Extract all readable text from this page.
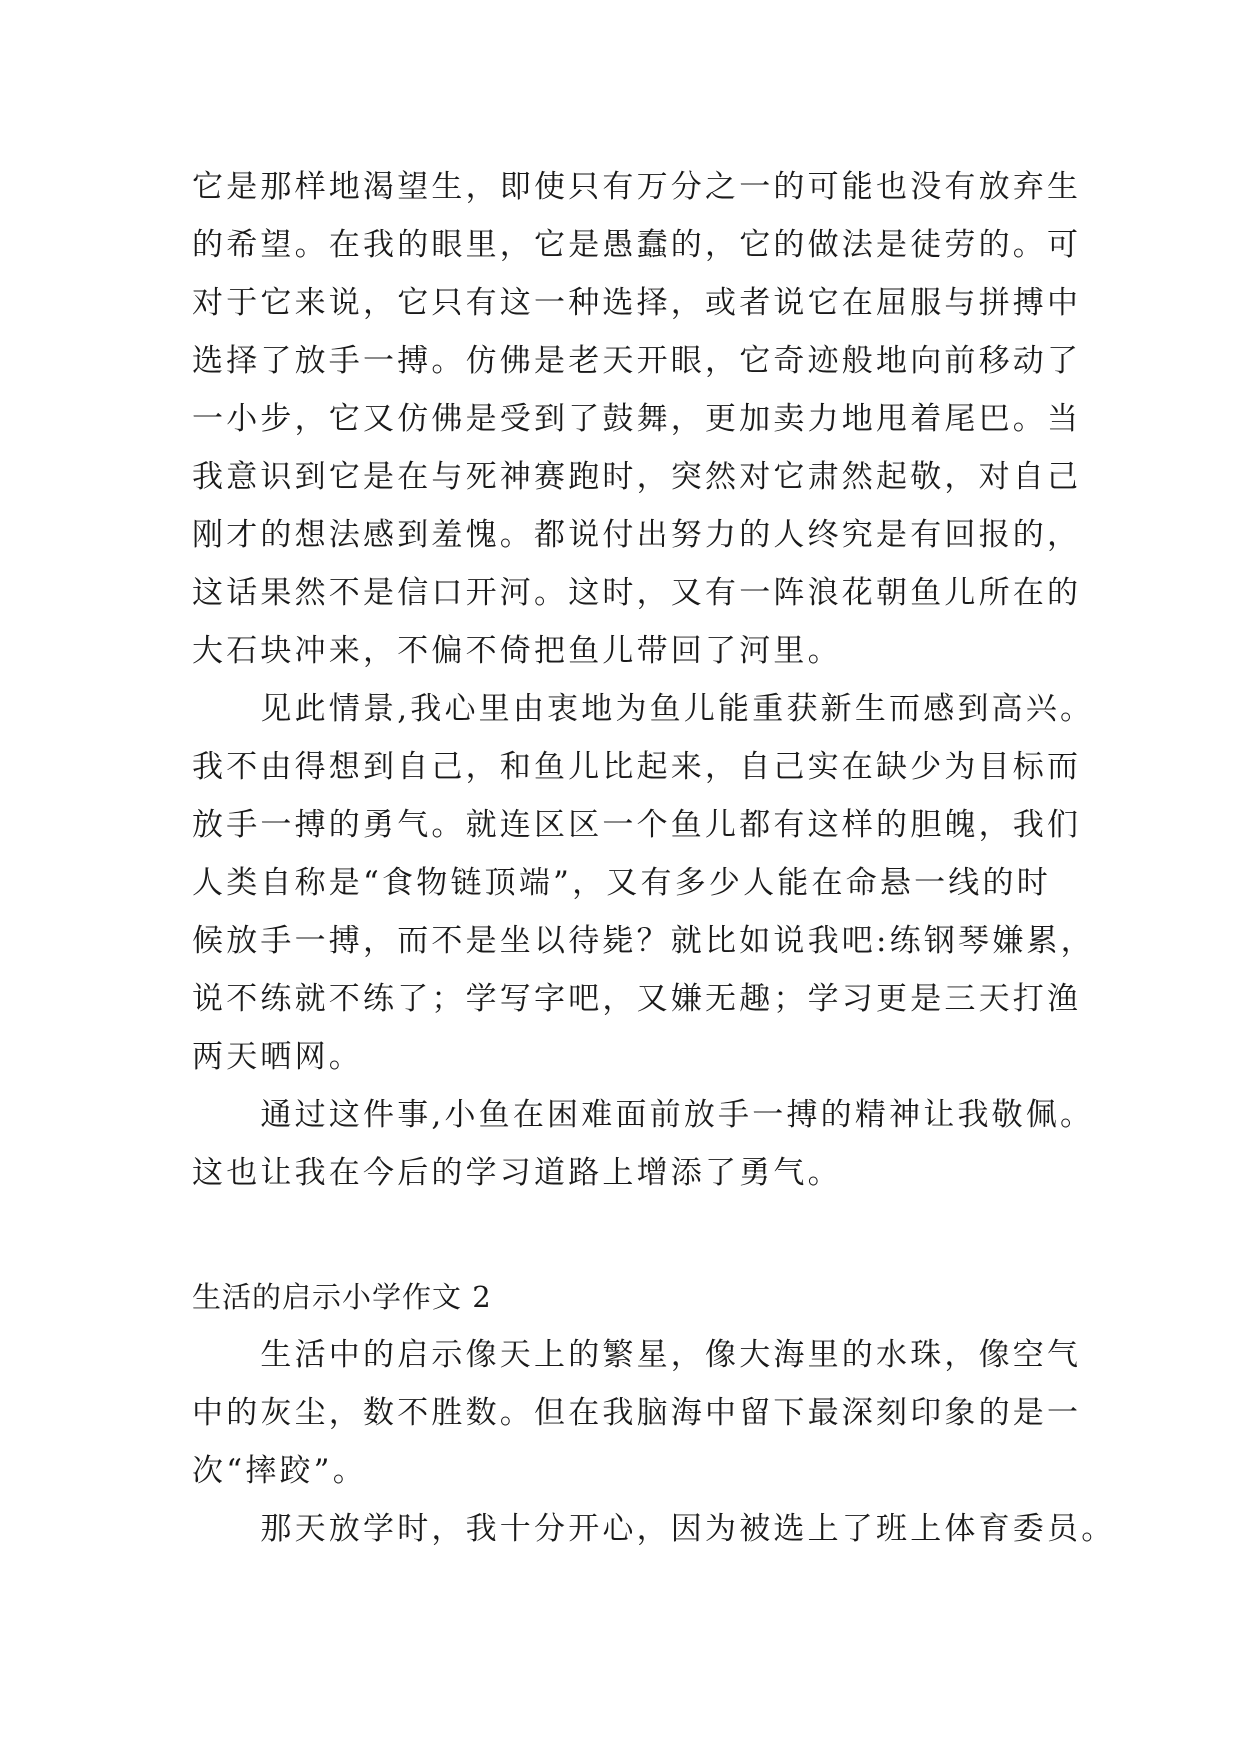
它是那样地渴望生，即使只有万分之一的可能也没有放弃生
的希望。在我的眼里，它是愚蠢的，它的做法是徒劳的。可
对于它来说，它只有这一种选择，或者说它在屈服与拼搏中
选择了放手一搏。仿佛是老天开眼，它奇迹般地向前移动了
一小步，它又仿佛是受到了鼓舞，更加卖力地甩着尾巴。当
我意识到它是在与死神赛跑时，突然对它肃然起敬，对自己
刚才的想法感到羞愧。都说付出努力的人终究是有回报的，
这话果然不是信口开河。这时，又有一阵浪花朝鱼儿所在的
大石块冲来，不偏不倚把鱼儿带回了河里。
　　见此情景,我心里由衷地为鱼儿能重获新生而感到高兴。
我不由得想到自己，和鱼儿比起来，自己实在缺少为目标而
放手一搏的勇气。就连区区一个鱼儿都有这样的胆魄，我们
人类自称是“食物链顶端”，又有多少人能在命悬一线的时
候放手一搏，而不是坐以待毙？就比如说我吧:练钢琴嫌累，
说不练就不练了；学写字吧，又嫌无趣；学习更是三天打渔
两天晒网。
　　通过这件事,小鱼在困难面前放手一搏的精神让我敬佩。
这也让我在今后的学习道路上增添了勇气。
生活的启示小学作文 2
　　生活中的启示像天上的繁星，像大海里的水珠，像空气
中的灰尘，数不胜数。但在我脑海中留下最深刻印象的是一
次“摔跤”。
　　那天放学时，我十分开心，因为被选上了班上体育委员。
